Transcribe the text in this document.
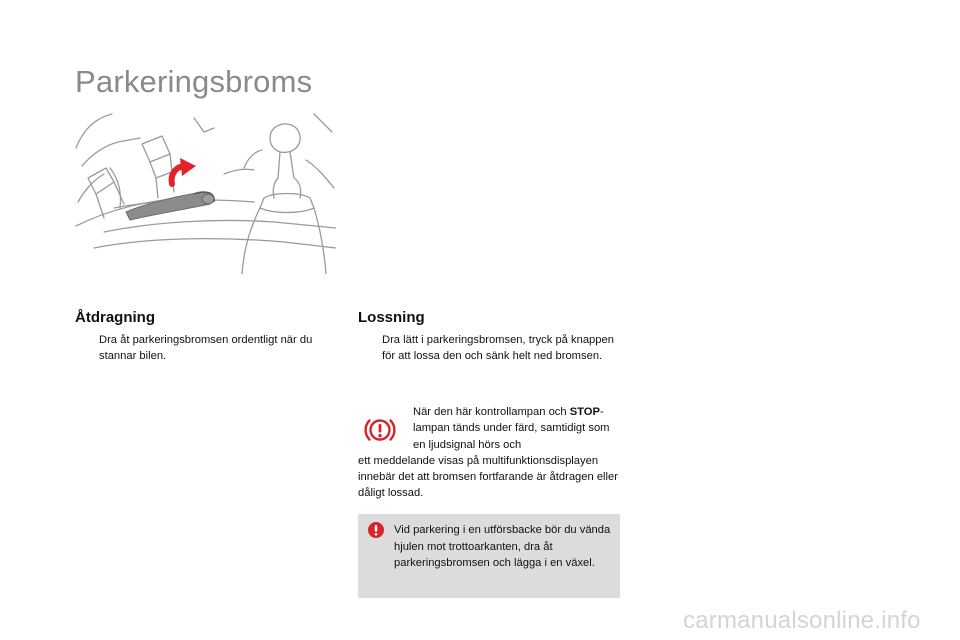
Parkeringsbroms
Åtdragning
Dra åt parkeringsbromsen ordentligt när du stannar bilen.
Lossning
Dra lätt i parkeringsbromsen, tryck på knappen för att lossa den och sänk helt ned bromsen.

När den här kontrollampan och STOP-lampan tänds under färd, samtidigt som en ljudsignal hörs och

ett meddelande visas på multifunktionsdisplayen innebär det att bromsen fortfarande är åtdragen eller dåligt lossad.

Vid parkering i en utförsbacke bör du vända hjulen mot trottoarkanten, dra åt parkeringsbromsen och lägga i en växel.

carmanualsonline.info
